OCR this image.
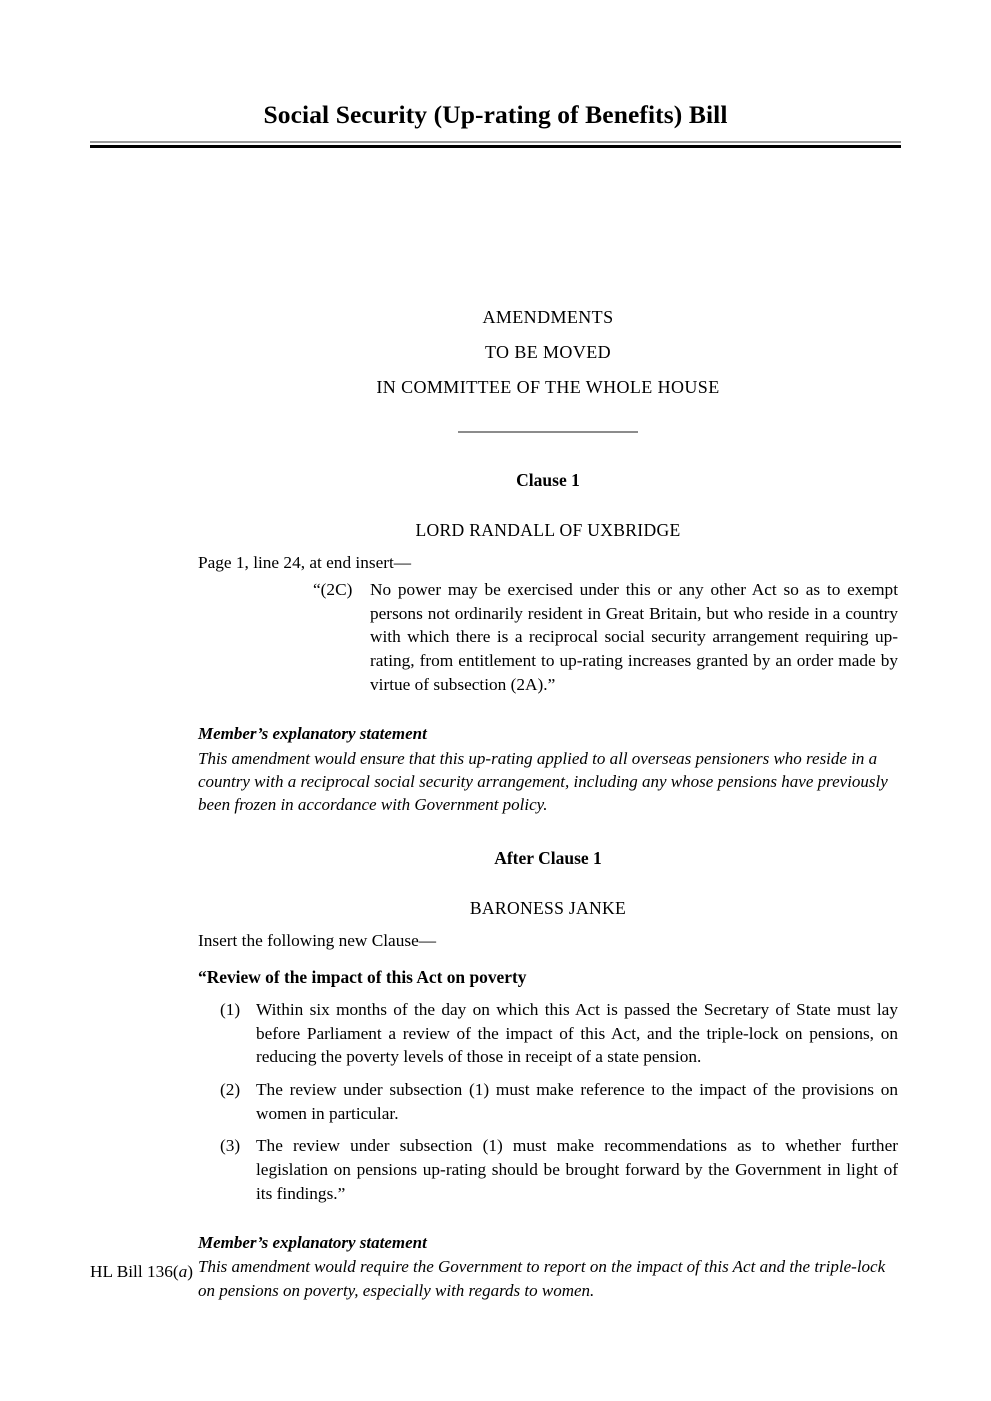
Social Security (Up-rating of Benefits) Bill

AMENDMENTS

TO BE MOVED

IN COMMITTEE OF THE WHOLE HOUSE

Clause 1

LORD RANDALL OF UXBRIDGE

Page 1, line 24, at end insert—

“(2C)	No power may be exercised under this or any other Act so as to exempt persons not ordinarily resident in Great Britain, but who reside in a country with which there is a reciprocal social security arrangement requiring up-rating, from entitlement to up-rating increases granted by an order made by virtue of subsection (2A).”

Member’s explanatory statement

This amendment would ensure that this up-rating applied to all overseas pensioners who reside in a country with a reciprocal social security arrangement, including any whose pensions have previously been frozen in accordance with Government policy.

After Clause 1

BARONESS JANKE

Insert the following new Clause—

“Review of the impact of this Act on poverty

(1) Within six months of the day on which this Act is passed the Secretary of State must lay before Parliament a review of the impact of this Act, and the triple-lock on pensions, on reducing the poverty levels of those in receipt of a state pension.
(2) The review under subsection (1) must make reference to the impact of the provisions on women in particular.
(3) The review under subsection (1) must make recommendations as to whether further legislation on pensions up-rating should be brought forward by the Government in light of its findings.”

Member’s explanatory statement

This amendment would require the Government to report on the impact of this Act and the triple-lock on pensions on poverty, especially with regards to women.

HL Bill 136(a)
